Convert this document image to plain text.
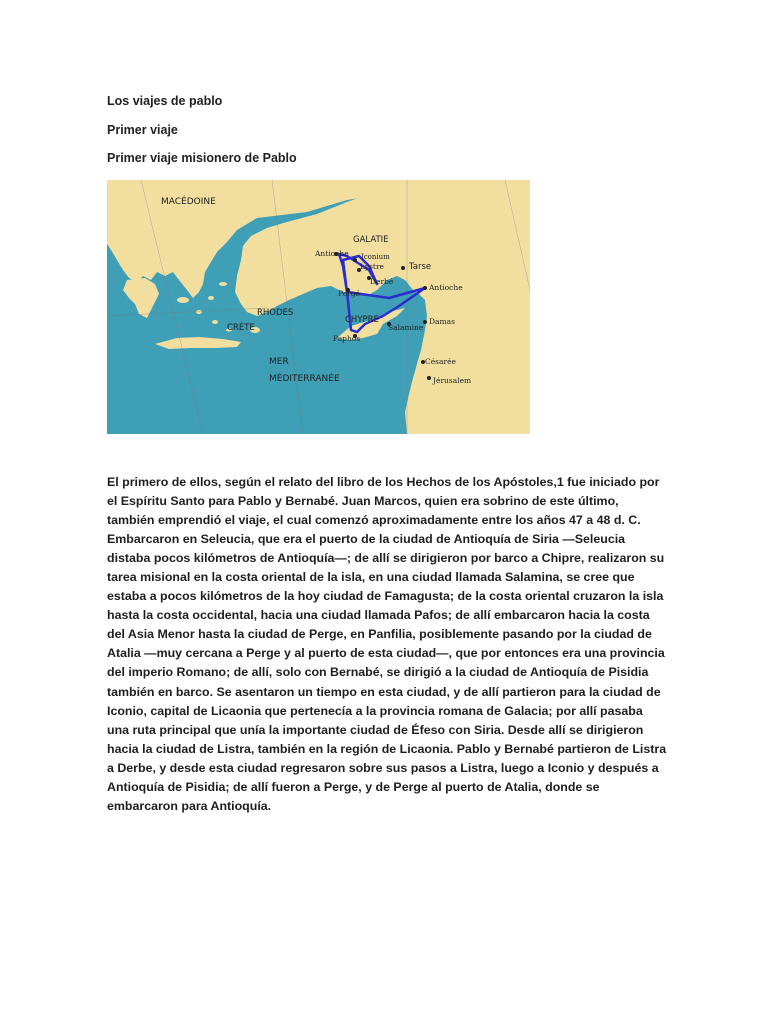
Los viajes de pablo
Primer viaje
Primer viaje misionero de Pablo
MACÉDOINE
GALATIE
Antioche Iconium
Lystre
Derbé
Tarse
Pergé
Antioche
RHODES
CRÈTE
CHYPRE
Salamine
Paphos
Damas
Césarée
Jérusalem
MER
MÉDITERRANÉE

El primero de ellos, según el relato del libro de los Hechos de los Apóstoles,1 fue iniciado por el Espíritu Santo para Pablo y Bernabé. Juan Marcos, quien era sobrino de este último, también emprendió el viaje, el cual comenzó aproximadamente entre los años 47 a 48 d. C. Embarcaron en Seleucia, que era el puerto de la ciudad de Antioquía de Siria —Seleucia distaba pocos kilómetros de Antioquía—; de allí se dirigieron por barco a Chipre, realizaron su tarea misional en la costa oriental de la isla, en una ciudad llamada Salamina, se cree que estaba a pocos kilómetros de la hoy ciudad de Famagusta; de la costa oriental cruzaron la isla hasta la costa occidental, hacia una ciudad llamada Pafos; de allí embarcaron hacia la costa del Asia Menor hasta la ciudad de Perge, en Panfilia, posiblemente pasando por la ciudad de Atalia —muy cercana a Perge y al puerto de esta ciudad—, que por entonces era una provincia del imperio Romano; de allí, solo con Bernabé, se dirigió a la ciudad de Antioquía de Pisidia también en barco. Se asentaron un tiempo en esta ciudad, y de allí partieron para la ciudad de Iconio, capital de Licaonia que pertenecía a la provincia romana de Galacia; por allí pasaba una ruta principal que unía la importante ciudad de Éfeso con Siria. Desde allí se dirigieron hacia la ciudad de Listra, también en la región de Licaonia. Pablo y Bernabé partieron de Listra a Derbe, y desde esta ciudad regresaron sobre sus pasos a Listra, luego a Iconio y después a Antioquía de Pisidia; de allí fueron a Perge, y de Perge al puerto de Atalia, donde se embarcaron para Antioquía.
